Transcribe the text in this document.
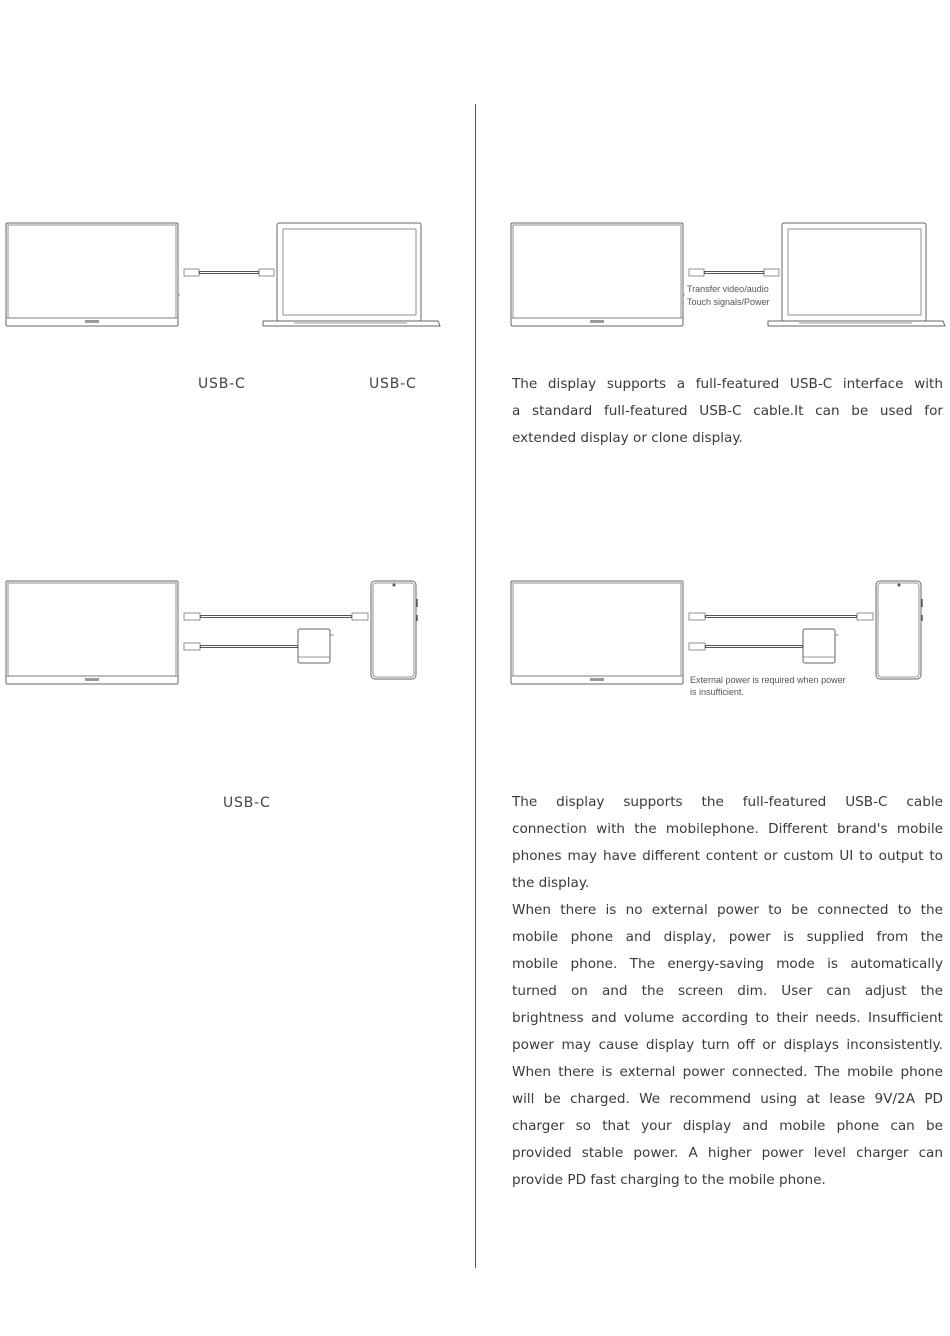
USB-C	USB-C
USB-C
Transfer video/audio
Touch signals/Power

The display supports a full-featured USB-C interface with
a standard full-featured USB-C cable.It can be used for
extended display or clone display.

External power is required when power
is insufficient.

The display supports the full-featured USB-C cable
connection with the mobilephone. Different brand's mobile
phones may have different content or custom UI to output to
the display.
When there is no external power to be connected to the
mobile phone and display, power is supplied from the
mobile phone. The energy-saving mode is automatically
turned on and the screen dim. User can adjust the
brightness and volume according to their needs. Insufficient
power may cause display turn off or displays inconsistently.
When there is external power connected. The mobile phone
will be charged. We recommend using at lease 9V/2A PD
charger so that your display and mobile phone can be
provided stable power. A higher power level charger can
provide PD fast charging to the mobile phone.
